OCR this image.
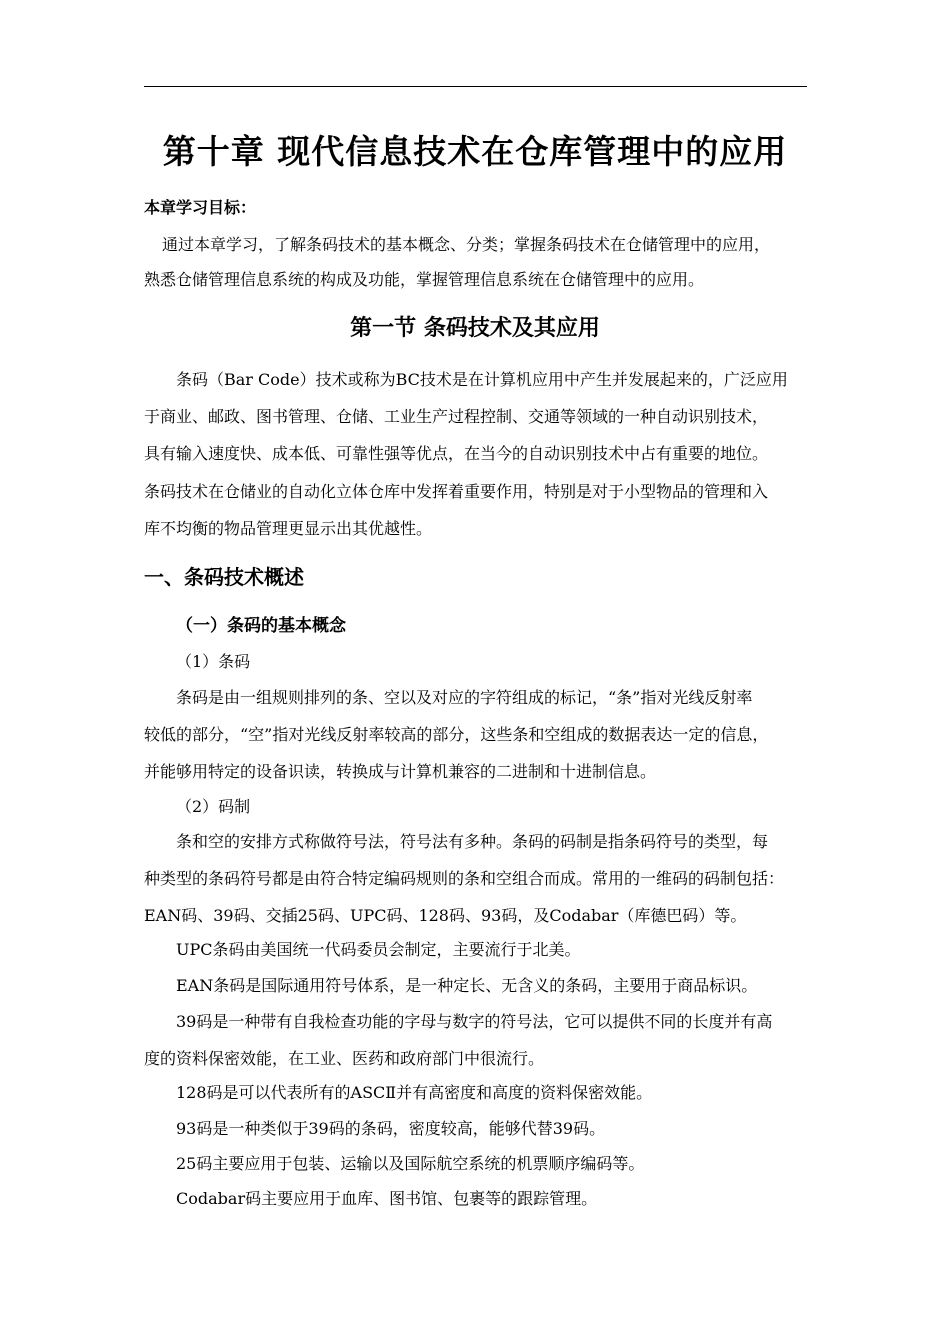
第十章 现代信息技术在仓库管理中的应用
本章学习目标：
通过本章学习，了解条码技术的基本概念、分类；掌握条码技术在仓储管理中的应用，
熟悉仓储管理信息系统的构成及功能，掌握管理信息系统在仓储管理中的应用。
第一节 条码技术及其应用
条码（Bar Code）技术或称为BC技术是在计算机应用中产生并发展起来的，广泛应用
于商业、邮政、图书管理、仓储、工业生产过程控制、交通等领域的一种自动识别技术，
具有输入速度快、成本低、可靠性强等优点，在当今的自动识别技术中占有重要的地位。
条码技术在仓储业的自动化立体仓库中发挥着重要作用，特别是对于小型物品的管理和入
库不均衡的物品管理更显示出其优越性。
一、条码技术概述
（一）条码的基本概念
（1）条码
条码是由一组规则排列的条、空以及对应的字符组成的标记，“条”指对光线反射率
较低的部分，“空”指对光线反射率较高的部分，这些条和空组成的数据表达一定的信息，
并能够用特定的设备识读，转换成与计算机兼容的二进制和十进制信息。
（2）码制
条和空的安排方式称做符号法，符号法有多种。条码的码制是指条码符号的类型，每
种类型的条码符号都是由符合特定编码规则的条和空组合而成。常用的一维码的码制包括：
EAN码、39码、交插25码、UPC码、128码、93码，及Codabar（库德巴码）等。
UPC条码由美国统一代码委员会制定，主要流行于北美。
EAN条码是国际通用符号体系，是一种定长、无含义的条码，主要用于商品标识。
39码是一种带有自我检查功能的字母与数字的符号法，它可以提供不同的长度并有高
度的资料保密效能，在工业、医药和政府部门中很流行。
128码是可以代表所有的ASCⅡ并有高密度和高度的资料保密效能。
93码是一种类似于39码的条码，密度较高，能够代替39码。
25码主要应用于包装、运输以及国际航空系统的机票顺序编码等。
Codabar码主要应用于血库、图书馆、包裹等的跟踪管理。
